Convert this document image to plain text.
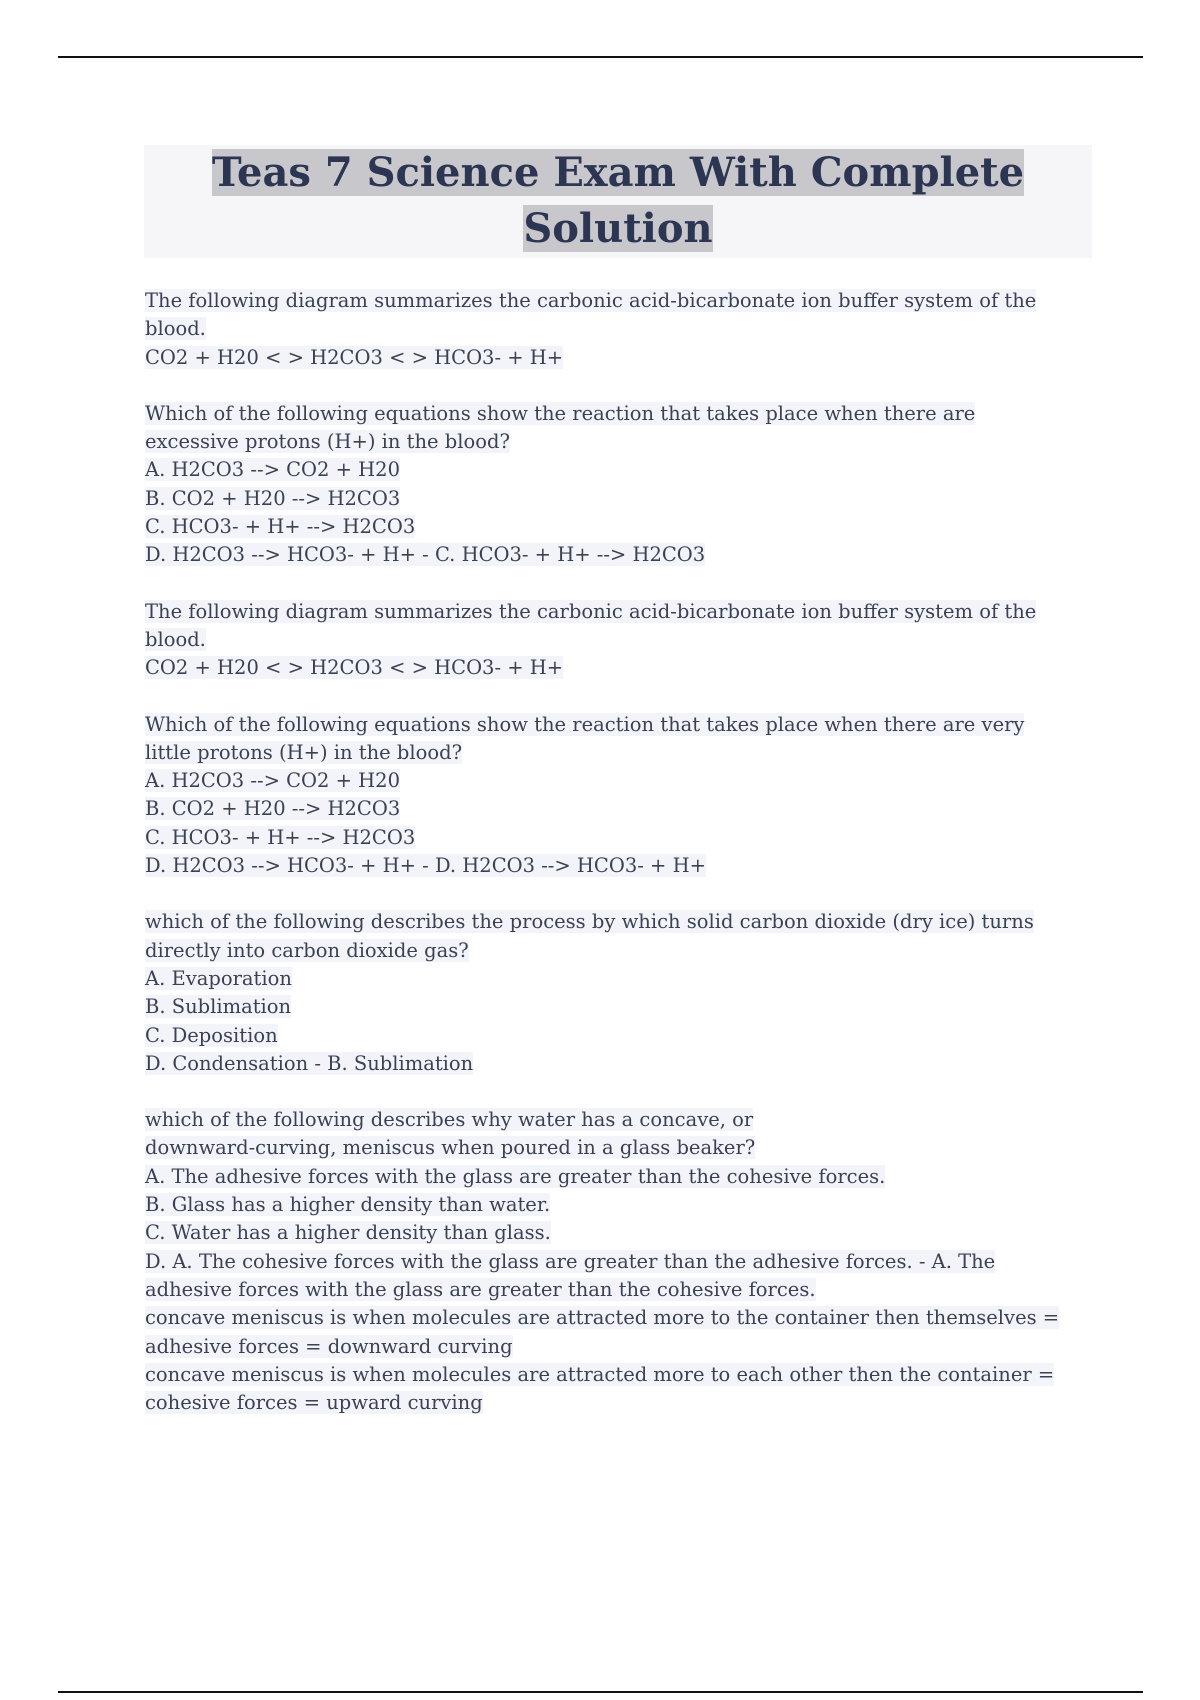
Teas 7 Science Exam With Complete
Solution
The following diagram summarizes the carbonic acid-bicarbonate ion buffer system of the
blood.
CO2 + H20 < > H2CO3 < > HCO3- + H+
Which of the following equations show the reaction that takes place when there are
excessive protons (H+) in the blood?
A. H2CO3 --> CO2 + H20
B. CO2 + H20 --> H2CO3
C. HCO3- + H+ --> H2CO3
D. H2CO3 --> HCO3- + H+ - C. HCO3- + H+ --> H2CO3
The following diagram summarizes the carbonic acid-bicarbonate ion buffer system of the
blood.
CO2 + H20 < > H2CO3 < > HCO3- + H+
Which of the following equations show the reaction that takes place when there are very
little protons (H+) in the blood?
A. H2CO3 --> CO2 + H20
B. CO2 + H20 --> H2CO3
C. HCO3- + H+ --> H2CO3
D. H2CO3 --> HCO3- + H+ - D. H2CO3 --> HCO3- + H+
which of the following describes the process by which solid carbon dioxide (dry ice) turns
directly into carbon dioxide gas?
A. Evaporation
B. Sublimation
C. Deposition
D. Condensation - B. Sublimation
which of the following describes why water has a concave, or
downward-curving, meniscus when poured in a glass beaker?
A. The adhesive forces with the glass are greater than the cohesive forces.
B. Glass has a higher density than water.
C. Water has a higher density than glass.
D. A. The cohesive forces with the glass are greater than the adhesive forces. - A. The
adhesive forces with the glass are greater than the cohesive forces.
concave meniscus is when molecules are attracted more to the container then themselves =
adhesive forces = downward curving
concave meniscus is when molecules are attracted more to each other then the container =
cohesive forces = upward curving
